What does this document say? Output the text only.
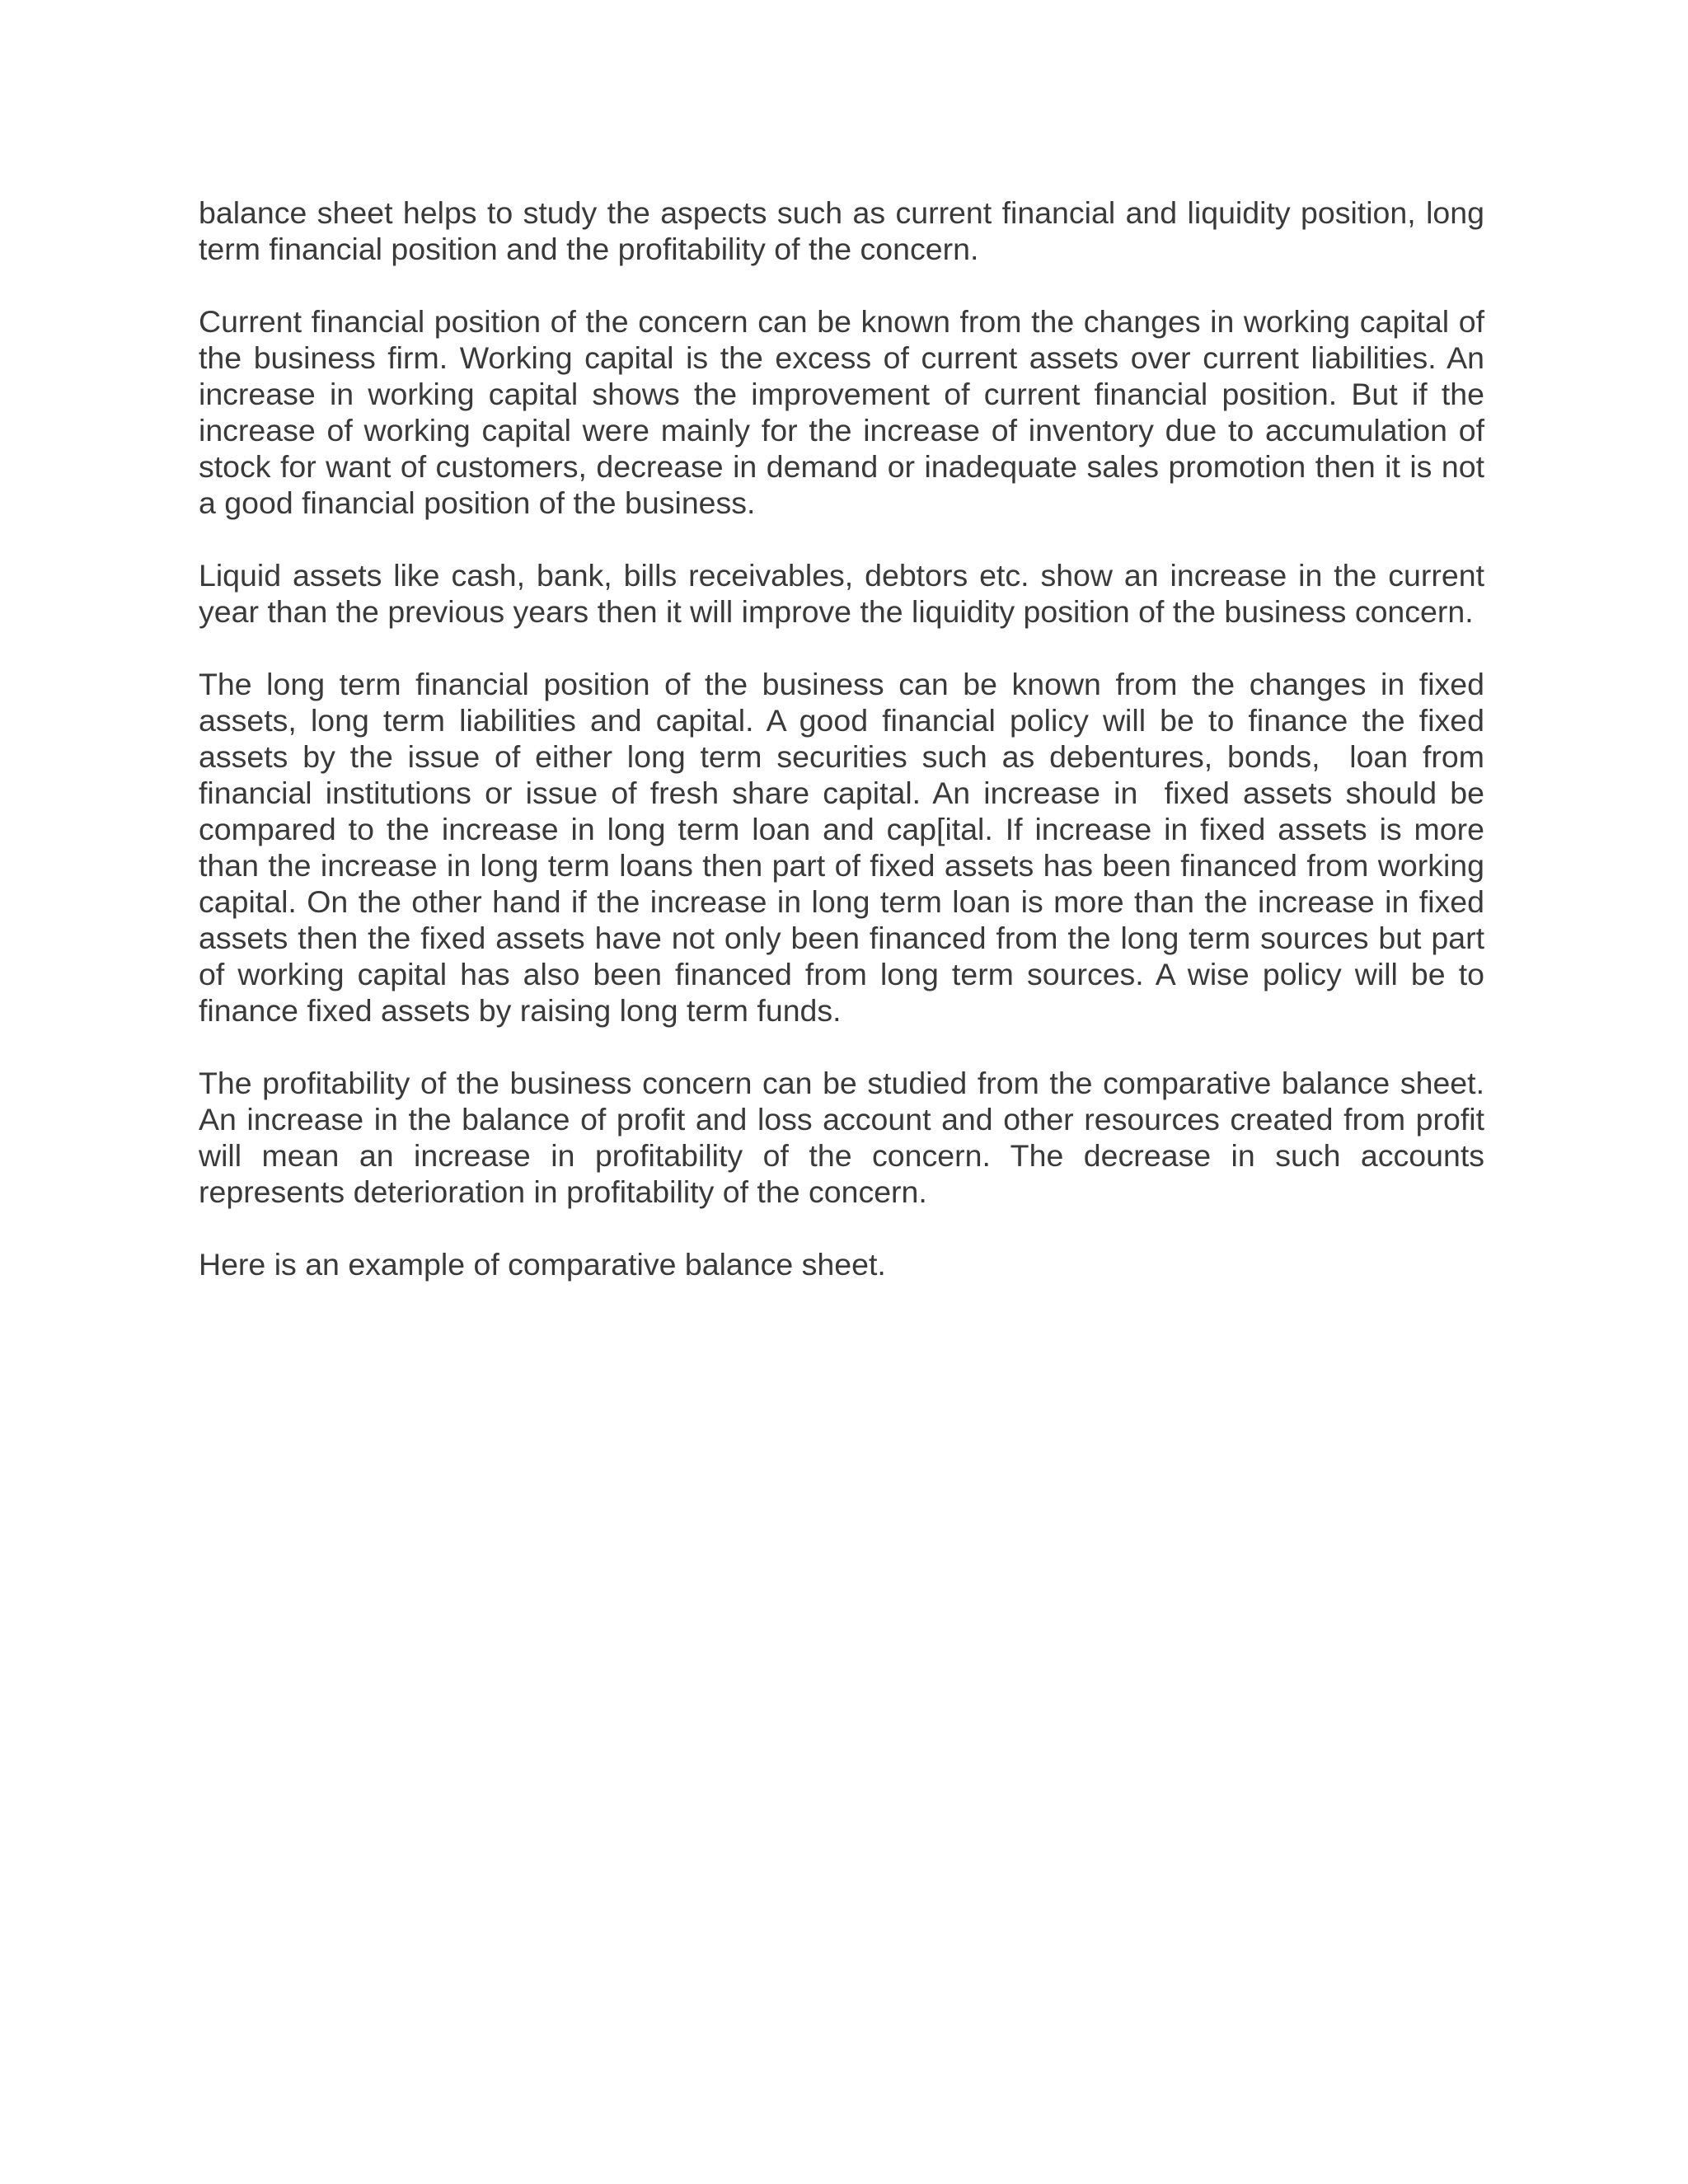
balance sheet helps to study the aspects such as current financial and liquidity position, long term financial position and the profitability of the concern.

Current financial position of the concern can be known from the changes in working capital of the business firm. Working capital is the excess of current assets over current liabilities. An increase in working capital shows the improvement of current financial position. But if the increase of working capital were mainly for the increase of inventory due to accumulation of  stock for want of customers, decrease in demand or inadequate sales promotion then it is not a good financial position of the business.

Liquid assets like cash, bank, bills receivables, debtors etc. show an increase in the current year than the previous years then it will improve the liquidity position of the business concern.

The long term financial position of the business can be known from the changes in fixed assets, long term liabilities and capital. A good financial policy will be to finance the fixed assets by the issue of either long term securities such as debentures, bonds,  loan from financial institutions or issue of fresh share capital. An increase in  fixed assets should be compared to the increase in long term loan and cap[ital. If increase in fixed assets is more than the increase in long term loans then part of fixed assets has been financed from working capital. On the other hand if the increase in long term loan is more than the increase in fixed assets then the fixed assets have not only been financed from the long term sources but part of working capital has also been financed from long term sources. A wise policy will be to finance fixed assets by raising long term funds.

The profitability of the business concern can be studied from the comparative balance sheet. An increase in the balance of profit and loss account and other resources created from profit will mean an increase in profitability of the concern. The decrease in such accounts represents deterioration in profitability of the concern.

Here is an example of comparative balance sheet.
